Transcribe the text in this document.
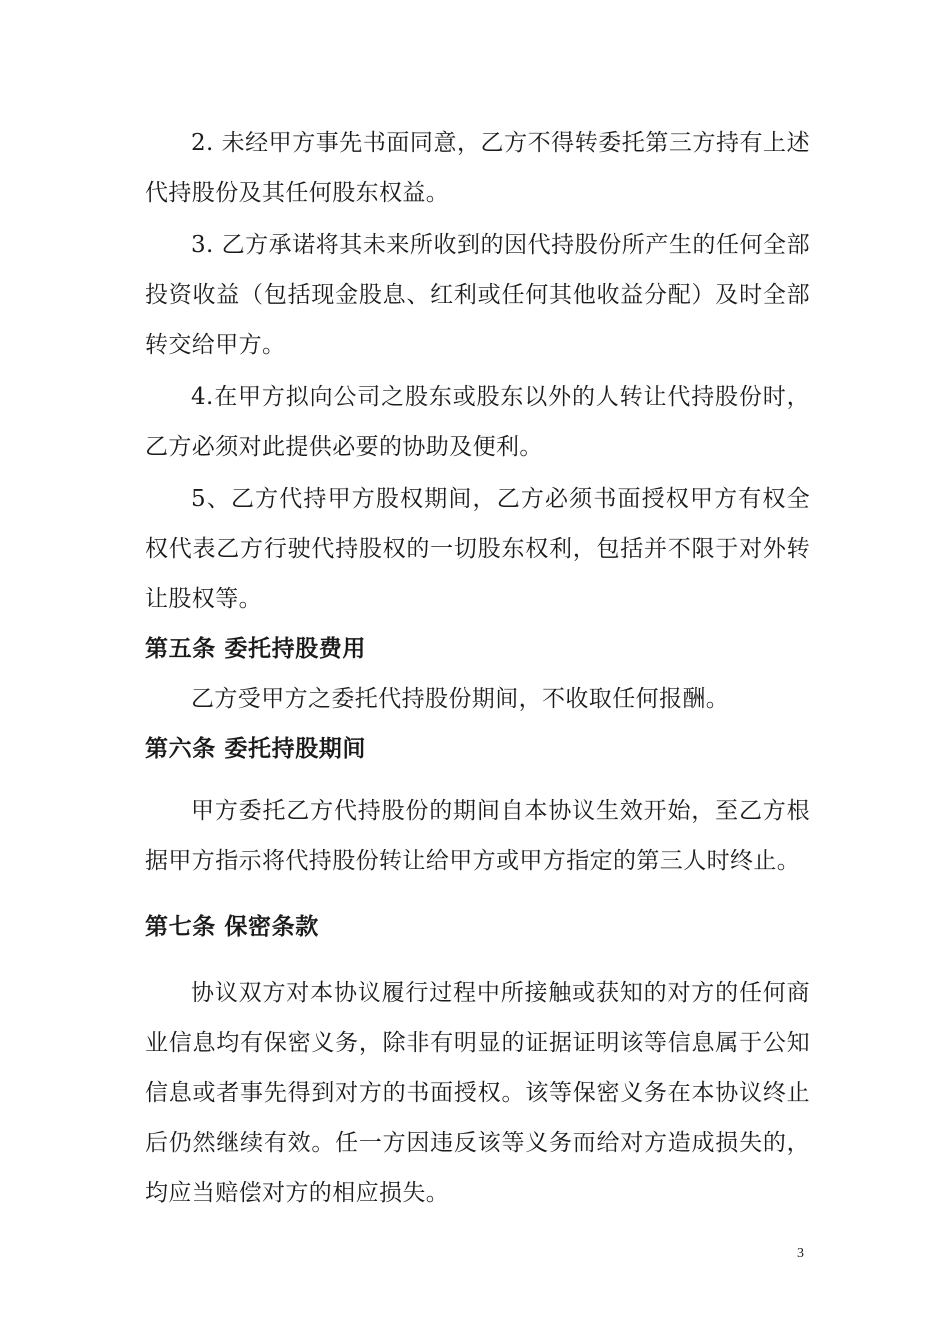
2. 未经甲方事先书面同意，乙方不得转委托第三方持有上述代持股份及其任何股东权益。

3. 乙方承诺将其未来所收到的因代持股份所产生的任何全部投资收益（包括现金股息、红利或任何其他收益分配）及时全部转交给甲方。

4.在甲方拟向公司之股东或股东以外的人转让代持股份时，乙方必须对此提供必要的协助及便利。

5、乙方代持甲方股权期间，乙方必须书面授权甲方有权全权代表乙方行驶代持股权的一切股东权利，包括并不限于对外转让股权等。

第五条 委托持股费用

乙方受甲方之委托代持股份期间，不收取任何报酬。

第六条 委托持股期间

甲方委托乙方代持股份的期间自本协议生效开始，至乙方根据甲方指示将代持股份转让给甲方或甲方指定的第三人时终止。

第七条 保密条款

协议双方对本协议履行过程中所接触或获知的对方的任何商业信息均有保密义务，除非有明显的证据证明该等信息属于公知信息或者事先得到对方的书面授权。该等保密义务在本协议终止后仍然继续有效。任一方因违反该等义务而给对方造成损失的，均应当赔偿对方的相应损失。

3
